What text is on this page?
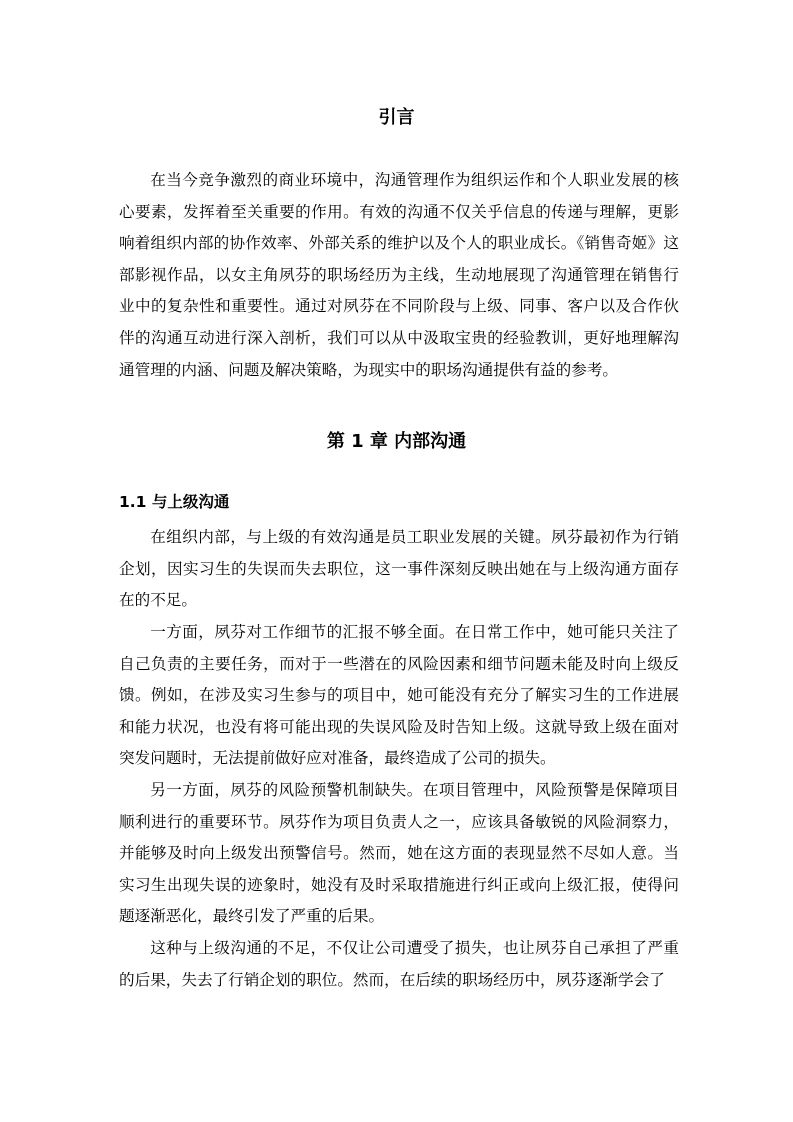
引言

在当今竞争激烈的商业环境中，沟通管理作为组织运作和个人职业发展的核心要素，发挥着至关重要的作用。有效的沟通不仅关乎信息的传递与理解，更影响着组织内部的协作效率、外部关系的维护以及个人的职业成长。《销售奇姬》这部影视作品，以女主角夙芬的职场经历为主线，生动地展现了沟通管理在销售行业中的复杂性和重要性。通过对夙芬在不同阶段与上级、同事、客户以及合作伙伴的沟通互动进行深入剖析，我们可以从中汲取宝贵的经验教训，更好地理解沟通管理的内涵、问题及解决策略，为现实中的职场沟通提供有益的参考。

第 1 章 内部沟通
1.1 与上级沟通

在组织内部，与上级的有效沟通是员工职业发展的关键。夙芬最初作为行销企划，因实习生的失误而失去职位，这一事件深刻反映出她在与上级沟通方面存在的不足。

一方面，夙芬对工作细节的汇报不够全面。在日常工作中，她可能只关注了自己负责的主要任务，而对于一些潜在的风险因素和细节问题未能及时向上级反馈。例如，在涉及实习生参与的项目中，她可能没有充分了解实习生的工作进展和能力状况，也没有将可能出现的失误风险及时告知上级。这就导致上级在面对突发问题时，无法提前做好应对准备，最终造成了公司的损失。

另一方面，夙芬的风险预警机制缺失。在项目管理中，风险预警是保障项目顺利进行的重要环节。夙芬作为项目负责人之一，应该具备敏锐的风险洞察力，并能够及时向上级发出预警信号。然而，她在这方面的表现显然不尽如人意。当实习生出现失误的迹象时，她没有及时采取措施进行纠正或向上级汇报，使得问题逐渐恶化，最终引发了严重的后果。

这种与上级沟通的不足，不仅让公司遭受了损失，也让夙芬自己承担了严重的后果，失去了行销企划的职位。然而，在后续的职场经历中，夙芬逐渐学会了
